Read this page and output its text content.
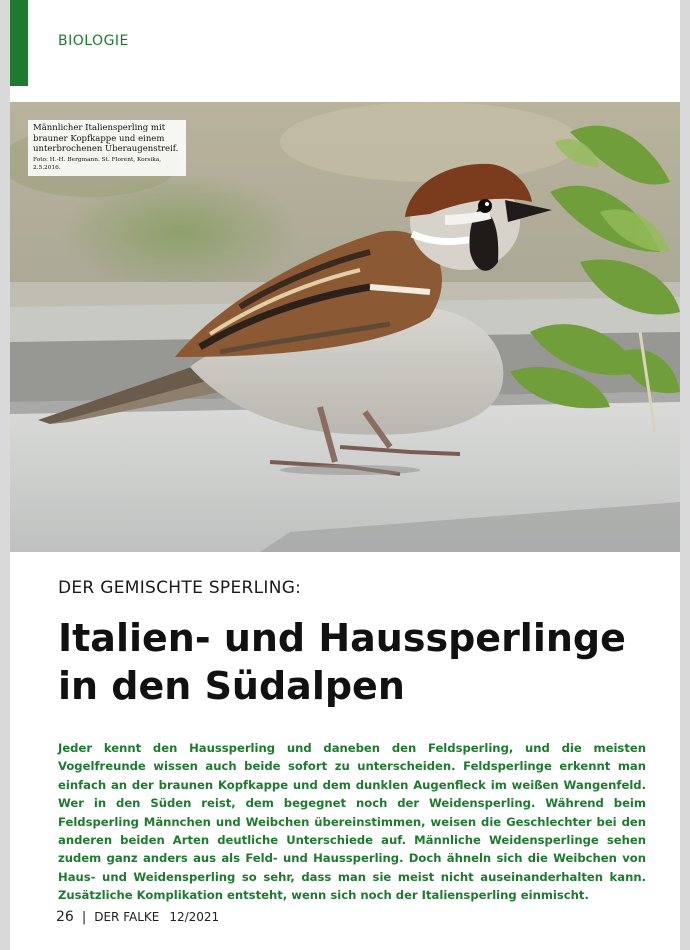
BIOLOGIE
Männlicher Italiensperling mit brauner Kopfkappe und einem unterbrochenen Überaugenstreif.
Foto: H.-H. Bergmann. St. Florent, Korsika, 2.5.2016.
DER GEMISCHTE SPERLING:
Italien- und Haussperlinge
in den Südalpen

Jeder kennt den Haussperling und daneben den Feldsperling, und die meisten Vogelfreunde wissen auch beide sofort zu unterscheiden. Feldsperlinge erkennt man einfach an der braunen Kopfkappe und dem dunklen Augenfleck im weißen Wangenfeld. Wer in den Süden reist, dem begegnet noch der Weidensperling. Während beim Feldsperling Männchen und Weibchen übereinstimmen, weisen die Geschlechter bei den anderen beiden Arten deutliche Unterschiede auf. Männliche Weidensperlinge sehen zudem ganz anders aus als Feld- und Haussperling. Doch ähneln sich die Weibchen von Haus- und Weidensperling so sehr, dass man sie meist nicht auseinanderhalten kann. Zusätzliche Komplikation entsteht, wenn sich noch der Italiensperling einmischt.

26 | DER FALKE 12/2021
